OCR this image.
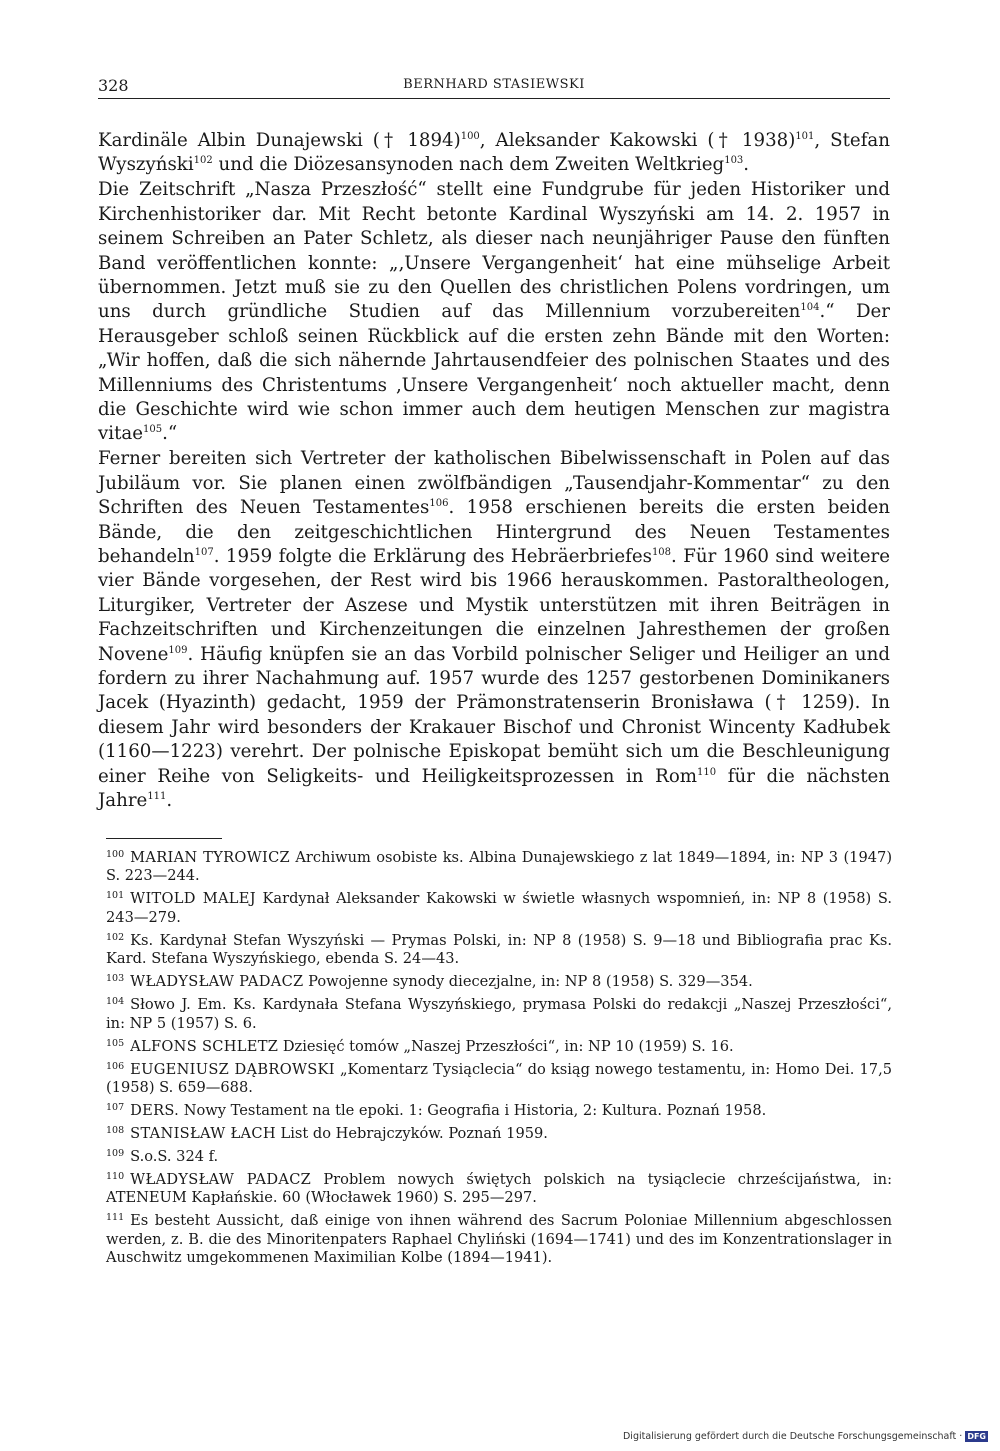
328	BERNHARD STASIEWSKI

Kardinäle Albin Dunajewski († 1894)$^{100}$, Aleksander Kakowski († 1938)$^{101}$, Stefan Wyszyński$^{102}$ und die Diözesansynoden nach dem Zweiten Weltkrieg$^{103}$.

Die Zeitschrift „Nasza Przeszłość“ stellt eine Fundgrube für jeden Historiker und Kirchenhistoriker dar. Mit Recht betonte Kardinal Wyszyński am 14. 2. 1957 in seinem Schreiben an Pater Schletz, als dieser nach neunjähriger Pause den fünften Band veröffentlichen konnte: „‚Unsere Vergangenheit‘ hat eine mühselige Arbeit übernommen. Jetzt muß sie zu den Quellen des christlichen Polens vordringen, um uns durch gründliche Studien auf das Millennium vorzubereiten$^{104}$.“ Der Herausgeber schloß seinen Rückblick auf die ersten zehn Bände mit den Worten: „Wir hoffen, daß die sich nähernde Jahrtausendfeier des polnischen Staates und des Millenniums des Christentums ‚Unsere Vergangenheit‘ noch aktueller macht, denn die Geschichte wird wie schon immer auch dem heutigen Menschen zur magistra vitae$^{105}$.“

Ferner bereiten sich Vertreter der katholischen Bibelwissenschaft in Polen auf das Jubiläum vor. Sie planen einen zwölfbändigen „Tausendjahr-Kommentar“ zu den Schriften des Neuen Testamentes$^{106}$. 1958 erschienen bereits die ersten beiden Bände, die den zeitgeschichtlichen Hintergrund des Neuen Testamentes behandeln$^{107}$. 1959 folgte die Erklärung des Hebräerbriefes$^{108}$. Für 1960 sind weitere vier Bände vorgesehen, der Rest wird bis 1966 herauskommen. Pastoraltheologen, Liturgiker, Vertreter der Aszese und Mystik unterstützen mit ihren Beiträgen in Fachzeitschriften und Kirchenzeitungen die einzelnen Jahresthemen der großen Novene$^{109}$. Häufig knüpfen sie an das Vorbild polnischer Seliger und Heiliger an und fordern zu ihrer Nachahmung auf. 1957 wurde des 1257 gestorbenen Dominikaners Jacek (Hyazinth) gedacht, 1959 der Prämonstratenserin Bronisława († 1259). In diesem Jahr wird besonders der Krakauer Bischof und Chronist Wincenty Kadłubek (1160—1223) verehrt. Der polnische Episkopat bemüht sich um die Beschleunigung einer Reihe von Seligkeits- und Heiligkeitsprozessen in Rom$^{110}$ für die nächsten Jahre$^{111}$.

$^{100}$ MARIAN TYROWICZ Archiwum osobiste ks. Albina Dunajewskiego z lat 1849—1894, in: NP 3 (1947) S. 223—244.
$^{101}$ WITOLD MALEJ Kardynał Aleksander Kakowski w świetle własnych wspomnień, in: NP 8 (1958) S. 243—279.
$^{102}$ Ks. Kardynał Stefan Wyszyński — Prymas Polski, in: NP 8 (1958) S. 9—18 und Bibliografia prac Ks. Kard. Stefana Wyszyńskiego, ebenda S. 24—43.
$^{103}$ WŁADYSŁAW PADACZ Powojenne synody diecezjalne, in: NP 8 (1958) S. 329—354.
$^{104}$ Słowo J. Em. Ks. Kardynała Stefana Wyszyńskiego, prymasa Polski do redakcji „Naszej Przeszłości“, in: NP 5 (1957) S. 6.
$^{105}$ ALFONS SCHLETZ Dziesięć tomów „Naszej Przeszłości“, in: NP 10 (1959) S. 16.
$^{106}$ EUGENIUSZ DĄBROWSKI „Komentarz Tysiąclecia“ do ksiąg nowego testamentu, in: Homo Dei. 17,5 (1958) S. 659—688.
$^{107}$ DERS. Nowy Testament na tle epoki. 1: Geografia i Historia, 2: Kultura. Poznań 1958.
$^{108}$ STANISŁAW ŁACH List do Hebrajczyków. Poznań 1959.
$^{109}$ S.o.S. 324 f.
$^{110}$ WŁADYSŁAW PADACZ Problem nowych świętych polskich na tysiąclecie chrześcijaństwa, in: ATENEUM Kapłańskie. 60 (Włocławek 1960) S. 295—297.
$^{111}$ Es besteht Aussicht, daß einige von ihnen während des Sacrum Poloniae Millennium abgeschlossen werden, z. B. die des Minoritenpaters Raphael Chyliński (1694—1741) und des im Konzentrationslager in Auschwitz umgekommenen Maximilian Kolbe (1894—1941).
Digitalisierung gefördert durch die Deutsche Forschungsgemeinschaft · DFG
